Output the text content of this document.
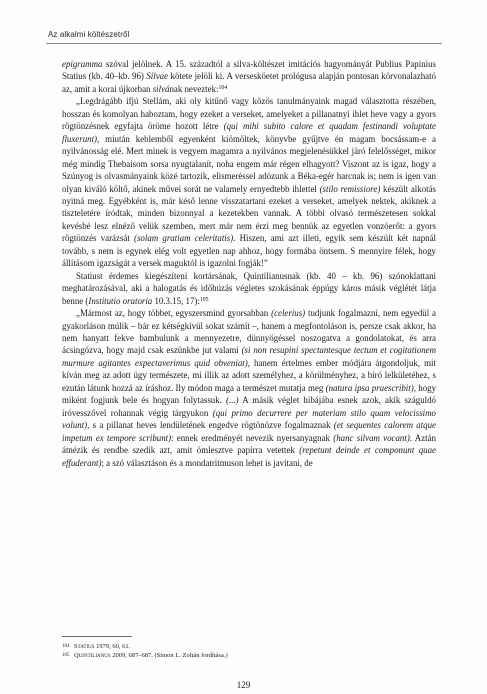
Az alkalmi költészetről

epigramma szóval jelölnek. A 15. századtól a silva-költészet imitációs hagyományát Publius Papinius Statius (kb. 40–kb. 96) Silvae kötete jelöli ki. A versesköetet prológusa alapján pontosan körvonalazható az, amit a korai újkorban silvának neveztek:$^{104}$

„Legdrágább ifjú Stellám, aki oly kitűnő vagy közös tanulmányaink magad választotta részében, hosszan és komolyan haboztam, hogy ezeket a verseket, amelyeket a pillanatnyi ihlet heve vagy a gyors rögtönzésnek egyfajta öröme hozott létre (qui mihi subito calore et quadam festinandi voluptate fluxerunt), miután keblemből egyenként kiömöltek, könyvbe gyűjtve én magam bocsássam-e a nyilvánosság elé. Mert minek is vegyem magamra a nyilvános megjelenésükkel járó felelősséget, mikor még mindig Thebaisom sorsa nyugtalanít, noha engem már régen elhagyott? Viszont az is igaz, hogy a Szúnyog is olvasmányaink közé tartozik, elismeréssel adózunk a Béka-egér harcnak is; nem is igen van olyan kiváló költő, akinek művei sorát ne valamely ernyedtebb ihlettel (stilo remissiore) készült alkotás nyitná meg. Egyébként is, már késő lenne visszatartani ezeket a verseket, amelyek nektek, akiknek a tiszteletére íródtak, minden bizonnyal a kezetekben vannak. A többi olvasó természetesen sokkal kevésbé lesz elnéző velük szemben, mert már nem érzi meg bennük az egyetlen vonzóerőt: a gyors rögtönzés varázsát (solam gratiam celeritatis). Hiszen, ami azt illeti, egyik sem készült két napnál tovább, s nem is egynek elég volt egyetlen nap ahhoz, hogy formába öntsem. S mennyire félek, hogy állításom igazságát a versek maguktól is igazolni fogják!”

Statiust érdemes kiegészíteni kortársának, Quintilianusnak (kb. 40 – kb. 96) szónoklattani meghatározásával, aki a halogatás és időhúzás végletes szokásának éppúgy káros másik véglétét látja benne (Institutio oratoria 10.3.15, 17):$^{105}$

„Mármost az, hogy többet, egyszersmind gyorsabban (celerius) tudjunk fogalmazni, nem egyedül a gyakorláson múlik – bár ez kétségkívül sokat számít –, hanem a megfontoláson is, persze csak akkor, ha nem hanyatt fekve bambulunk a mennyezetre, dünnyögéssel noszogatva a gondolatokat, és arra ácsingózva, hogy majd csak eszünkbe jut valami (si non resupini spectantesque tectum et cogitationem murmure agitantes expectaverimus quid obveniat), hanem értelmes ember módjára átgondoljuk, mit kíván meg az adott ügy természete, mi illik az adott személyhez, a körülményhez, a bíró lelkületéhez, s ezután látunk hozzá az íráshoz. Ily módon maga a természet mutatja meg (natura ipsa praescribit), hogy miként fogjunk bele és hogyan folytassuk. (...) A másik véglet hibájába esnek azok, akik száguldó íróvesszővel rohannak végig tárgyukon (qui primo decurrere per materiam stilo quam velocissimo volunt), s a pillanat heves lendületének engedve rögtönözve fogalmaznak (et sequentes calorem atque impetum ex tempore scribunt): ennek eredményét nevezik nyersanyagnak (hanc silvam vocant). Aztán átnézik és rendbe szedik azt, amit ömlesztve papírra vetettek (repetunt deinde et componunt quae effuderant); a szó választáson és a mondatritmuson lehet is javítani, de

104 Statius 1979, 60, 61.
105 Quintilianus 2009, 687–687. (Simon L. Zoltán fordítása.)
129
